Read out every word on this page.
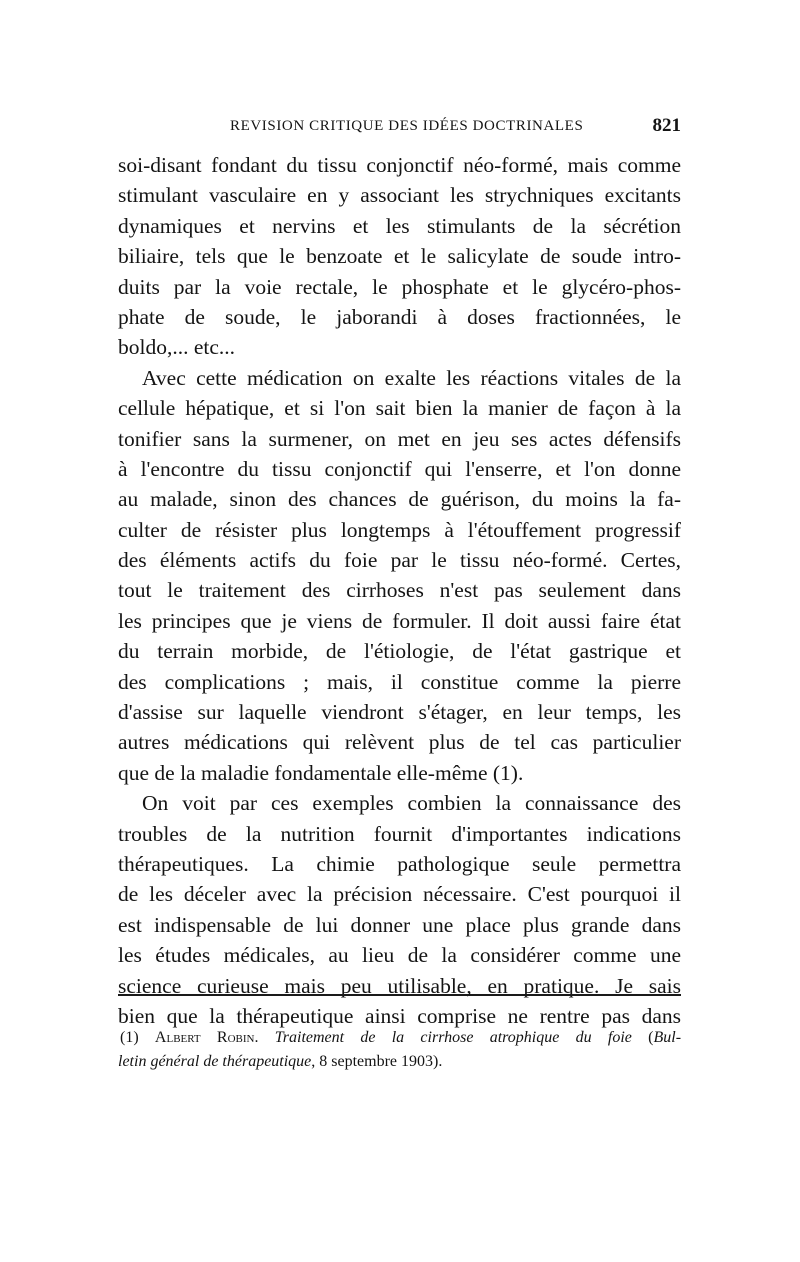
REVISION CRITIQUE DES IDÉES DOCTRINALES	821
soi-disant fondant du tissu conjonctif néo-formé, mais comme
stimulant vasculaire en y associant les strychniques excitants
dynamiques et nervins et les stimulants de la sécrétion
biliaire, tels que le benzoate et le salicylate de soude intro-
duits par la voie rectale, le phosphate et le glycéro-phos-
phate de soude, le jaborandi à doses fractionnées, le
boldo,... etc...
Avec cette médication on exalte les réactions vitales de la
cellule hépatique, et si l'on sait bien la manier de façon à la
tonifier sans la surmener, on met en jeu ses actes défensifs
à l'encontre du tissu conjonctif qui l'enserre, et l'on donne
au malade, sinon des chances de guérison, du moins la fa-
culter de résister plus longtemps à l'étouffement progressif
des éléments actifs du foie par le tissu néo-formé. Certes,
tout le traitement des cirrhoses n'est pas seulement dans
les principes que je viens de formuler. Il doit aussi faire état
du terrain morbide, de l'étiologie, de l'état gastrique et
des complications ; mais, il constitue comme la pierre
d'assise sur laquelle viendront s'étager, en leur temps, les
autres médications qui relèvent plus de tel cas particulier
que de la maladie fondamentale elle-même (1).
On voit par ces exemples combien la connaissance des
troubles de la nutrition fournit d'importantes indications
thérapeutiques. La chimie pathologique seule permettra
de les déceler avec la précision nécessaire. C'est pourquoi il
est indispensable de lui donner une place plus grande dans
les études médicales, au lieu de la considérer comme une
science curieuse mais peu utilisable, en pratique. Je sais
bien que la thérapeutique ainsi comprise ne rentre pas dans
(1) Albert Robin. Traitement de la cirrhose atrophique du foie (Bul-
letin général de thérapeutique, 8 septembre 1903).
